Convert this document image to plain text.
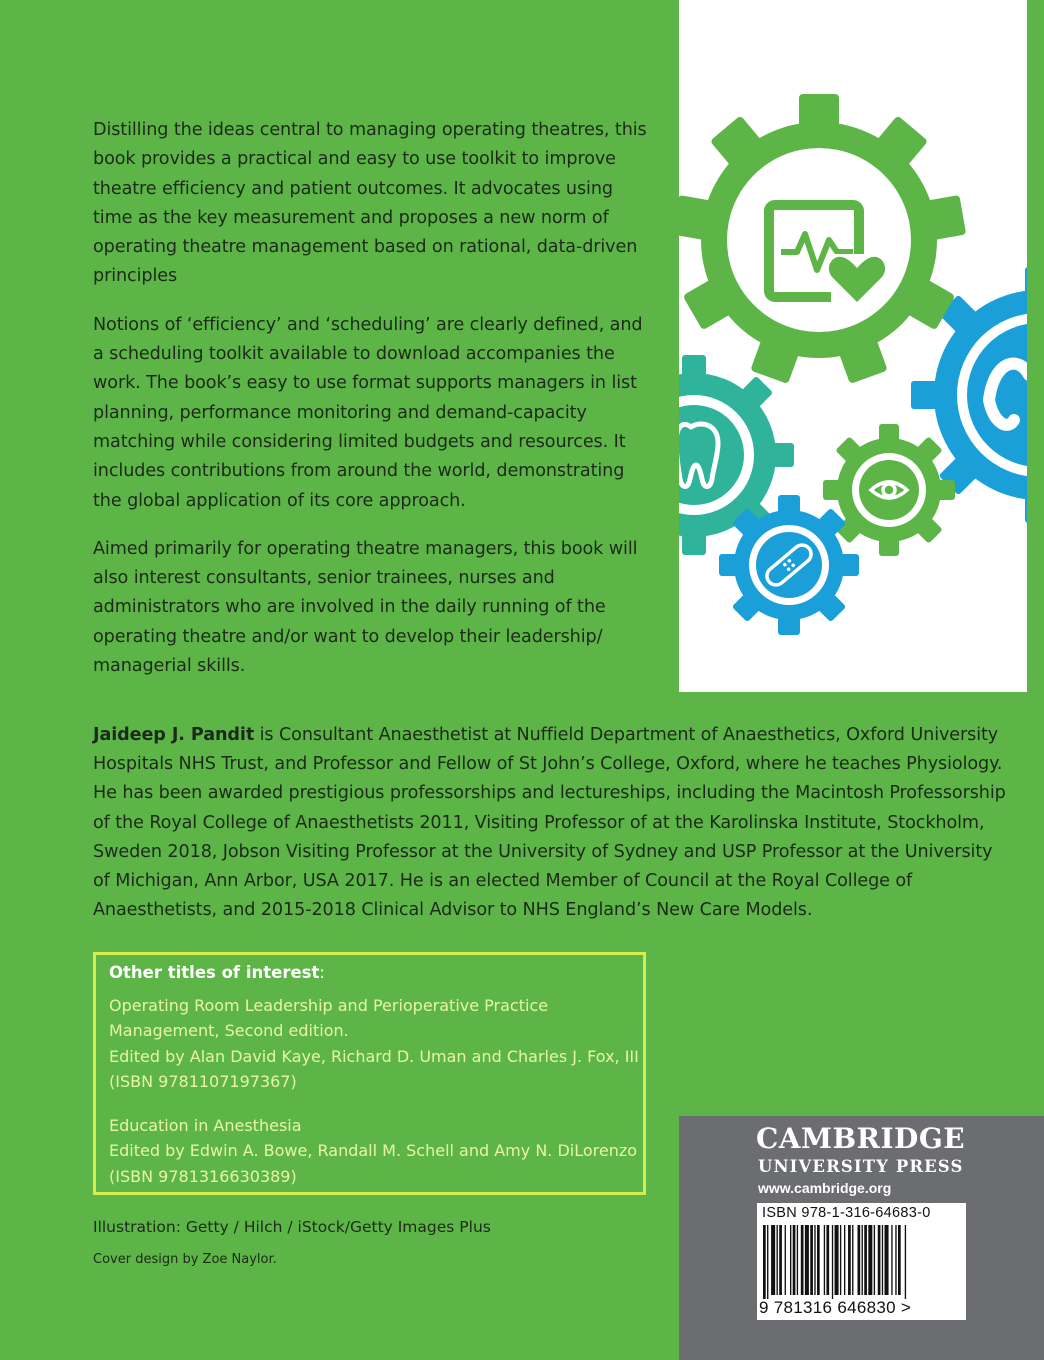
Distilling the ideas central to managing operating theatres, this book provides a practical and easy to use toolkit to improve theatre efficiency and patient outcomes. It advocates using time as the key measurement and proposes a new norm of operating theatre management based on rational, data-driven principles

Notions of ‘efficiency’ and ‘scheduling’ are clearly defined, and a scheduling toolkit available to download accompanies the work. The book’s easy to use format supports managers in list planning, performance monitoring and demand-capacity matching while considering limited budgets and resources. It includes contributions from around the world, demonstrating the global application of its core approach.

Aimed primarily for operating theatre managers, this book will also interest consultants, senior trainees, nurses and administrators who are involved in the daily running of the operating theatre and/or want to develop their leadership/ managerial skills.

Jaideep J. Pandit is Consultant Anaesthetist at Nuffield Department of Anaesthetics, Oxford University Hospitals NHS Trust, and Professor and Fellow of St John’s College, Oxford, where he teaches Physiology. He has been awarded prestigious professorships and lectureships, including the Macintosh Professorship of the Royal College of Anaesthetists 2011, Visiting Professor of at the Karolinska Institute, Stockholm, Sweden 2018, Jobson Visiting Professor at the University of Sydney and USP Professor at the University of Michigan, Ann Arbor, USA 2017. He is an elected Member of Council at the Royal College of Anaesthetists, and 2015-2018 Clinical Advisor to NHS England’s New Care Models.

Other titles of interest:
Operating Room Leadership and Perioperative Practice
Management, Second edition.
Edited by Alan David Kaye, Richard D. Uman and Charles J. Fox, III
(ISBN 9781107197367)
Education in Anesthesia
Edited by Edwin A. Bowe, Randall M. Schell and Amy N. DiLorenzo
(ISBN 9781316630389)
Illustration: Getty / Hilch / iStock/Getty Images Plus
Cover design by Zoe Naylor.
CAMBRIDGE
UNIVERSITY PRESS
www.cambridge.org
ISBN 978-1-316-64683-0
9 781316 646830 >
